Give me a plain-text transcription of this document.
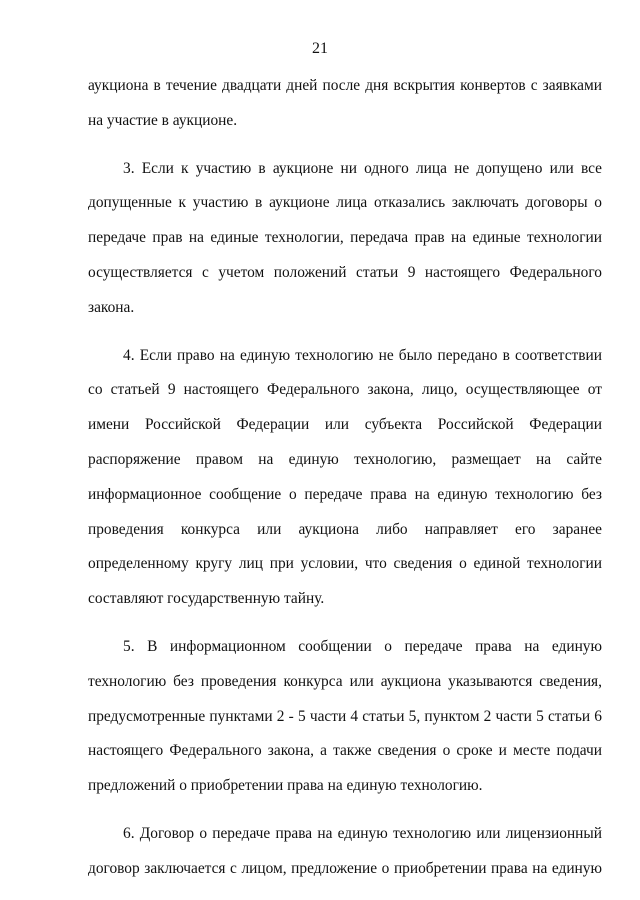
21
аукциона в течение двадцати дней после дня вскрытия конвертов с заявками
на участие в аукционе.
3. Если к участию в аукционе ни одного лица не допущено или все
допущенные к участию в аукционе лица отказались заключать договоры о
передаче прав на единые технологии, передача прав на единые технологии
осуществляется с учетом положений статьи 9 настоящего Федерального
закона.
4. Если право на единую технологию не было передано в соответствии
со статьей 9 настоящего Федерального закона, лицо, осуществляющее от
имени Российской Федерации или субъекта Российской Федерации
распоряжение правом на единую технологию, размещает на сайте
информационное сообщение о передаче права на единую технологию без
проведения конкурса или аукциона либо направляет его заранее
определенному кругу лиц при условии, что сведения о единой технологии
составляют государственную тайну.
5. В информационном сообщении о передаче права на единую
технологию без проведения конкурса или аукциона указываются сведения,
предусмотренные пунктами 2 - 5 части 4 статьи 5, пунктом 2 части 5 статьи 6
настоящего Федерального закона, а также сведения о сроке и месте подачи
предложений о приобретении права на единую технологию.
6. Договор о передаче права на единую технологию или лицензионный
договор заключается с лицом, предложение о приобретении права на единую
